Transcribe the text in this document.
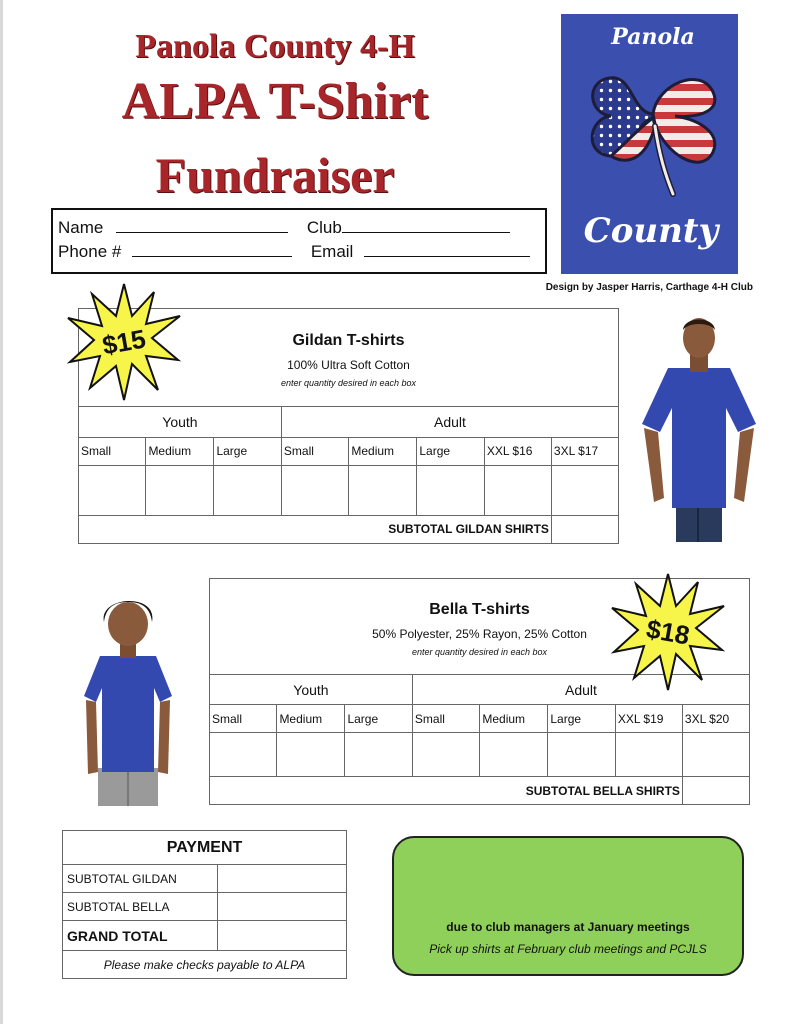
Panola County 4-H
ALPA T-Shirt
Fundraiser
Name	Club
Phone #	Email
Panola
County
Design by Jasper Harris, Carthage 4-H Club
Gildan T-shirts
100% Ultra Soft Cotton
enter quantity desired in each box							

Youth			Adult				
Small	Medium	Large	Small	Medium	Large	XXL $16	3XL $17

SUBTOTAL GILDAN SHIRTS							
$15
Bella T-shirts
50% Polyester, 25% Rayon, 25% Cotton
enter quantity desired in each box							

Youth			Adult				
Small	Medium	Large	Small	Medium	Large	XXL $19	3XL $20

SUBTOTAL BELLA SHIRTS							
$18
PAYMENT	
SUBTOTAL GILDAN	
SUBTOTAL BELLA	
GRAND TOTAL	
Please make checks payable to ALPA	
due to club managers at January meetings
Pick up shirts at February club meetings and PCJLS
